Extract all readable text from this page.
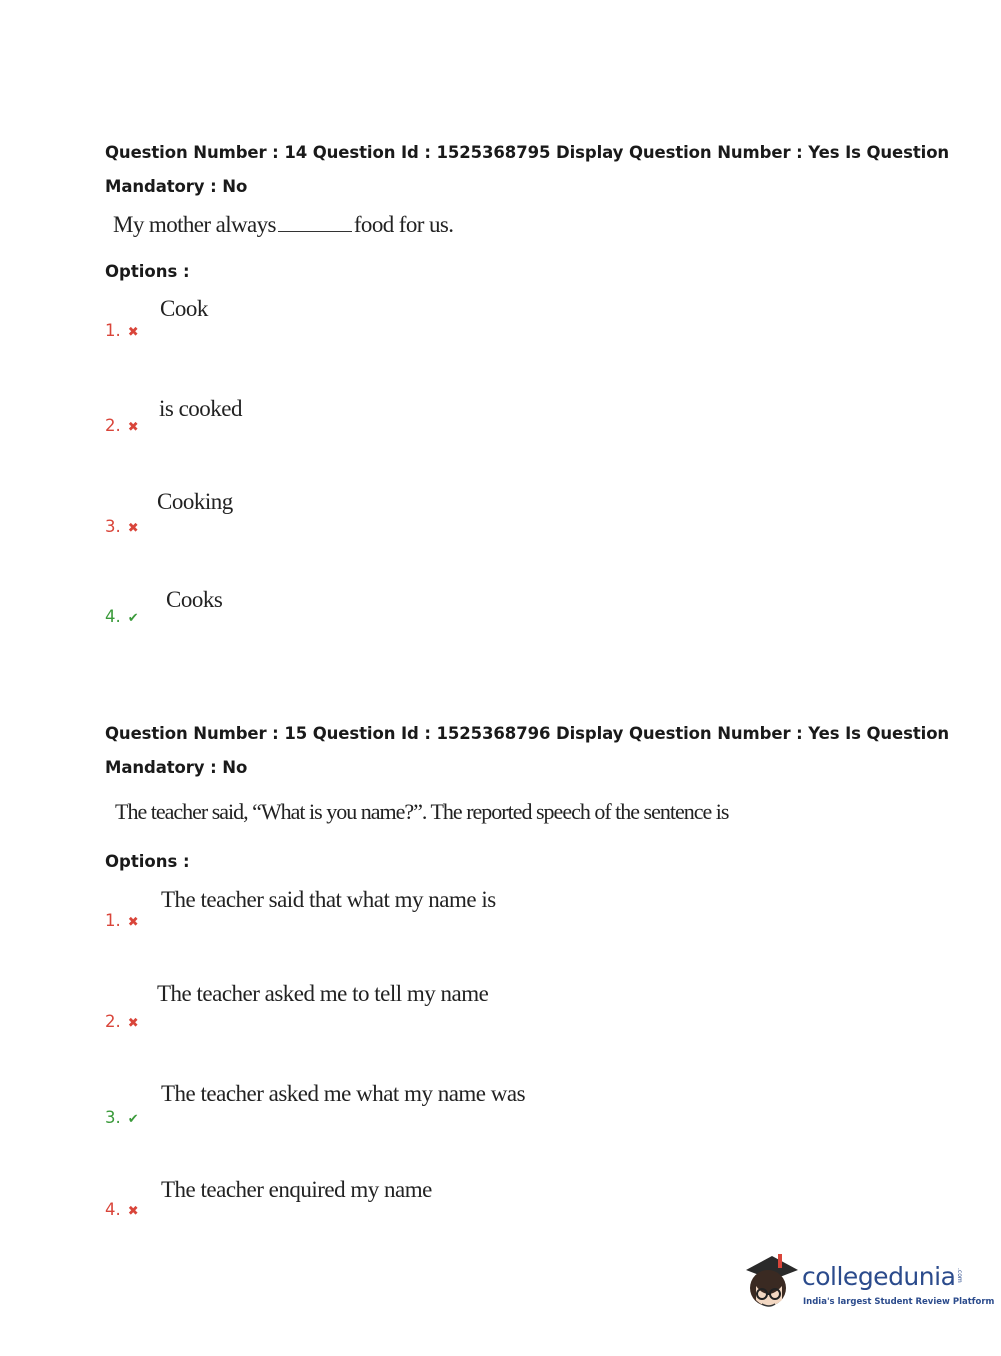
Question Number : 14 Question Id : 1525368795 Display Question Number : Yes Is Question
Mandatory : No
My mother always	food for us.
Options :
Cook
1. ✖
is cooked
2. ✖
Cooking
3. ✖
Cooks
4. ✔
Question Number : 15 Question Id : 1525368796 Display Question Number : Yes Is Question
Mandatory : No
The teacher said, “What is you name?”. The reported speech of the sentence is
Options :
The teacher said that what my name is
1. ✖
The teacher asked me to tell my name
2. ✖
The teacher asked me what my name was
3. ✔
The teacher enquired my name
4. ✖
collegedunia .com
India's largest Student Review Platform
